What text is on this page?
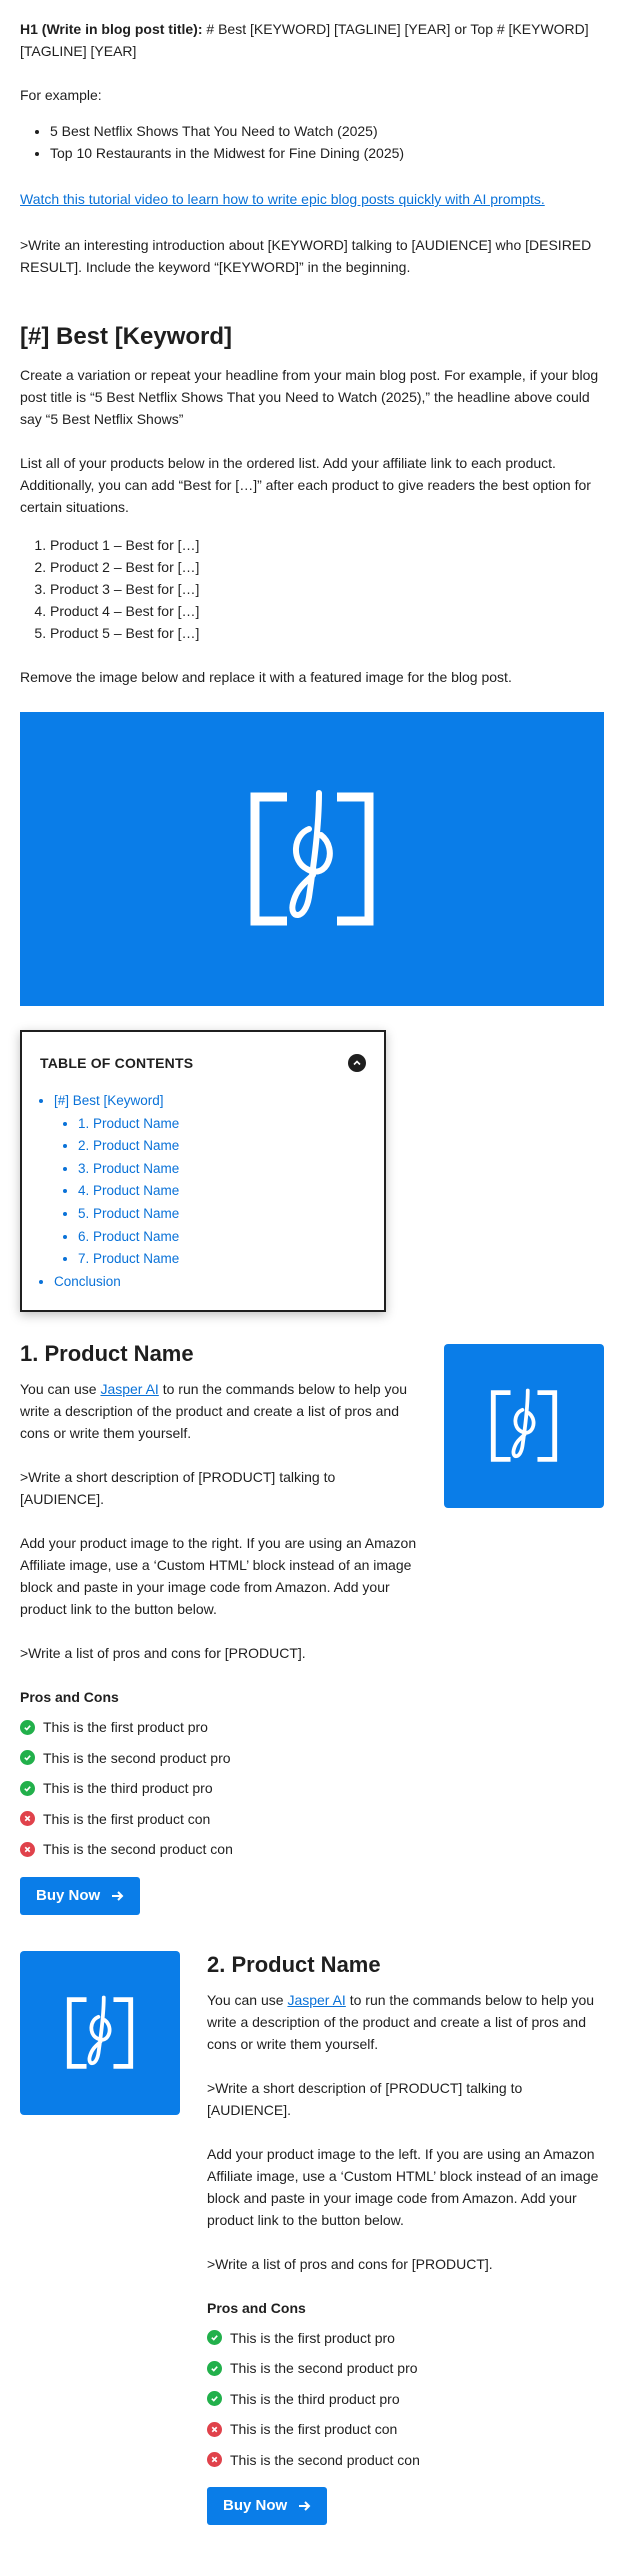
H1 (Write in blog post title): # Best [KEYWORD] [TAGLINE] [YEAR] or Top # [KEYWORD] [TAGLINE] [YEAR]

For example:

• 5 Best Netflix Shows That You Need to Watch (2025)
• Top 10 Restaurants in the Midwest for Fine Dining (2025)

Watch this tutorial video to learn how to write epic blog posts quickly with AI prompts.

>Write an interesting introduction about [KEYWORD] talking to [AUDIENCE] who [DESIRED RESULT]. Include the keyword “[KEYWORD]” in the beginning.

[#] Best [Keyword]

Create a variation or repeat your headline from your main blog post. For example, if your blog post title is “5 Best Netflix Shows That you Need to Watch (2025),” the headline above could say “5 Best Netflix Shows”

List all of your products below in the ordered list. Add your affiliate link to each product. Additionally, you can add “Best for […]” after each product to give readers the best option for certain situations.

1. Product 1 – Best for […]
2. Product 2 – Best for […]
3. Product 3 – Best for […]
4. Product 4 – Best for […]
5. Product 5 – Best for […]

Remove the image below and replace it with a featured image for the blog post.

TABLE OF CONTENTS
• [#] Best [Keyword]
• 1. Product Name
• 2. Product Name
• 3. Product Name
• 4. Product Name
• 5. Product Name
• 6. Product Name
• 7. Product Name
• Conclusion
1. Product Name

You can use Jasper AI to run the commands below to help you write a description of the product and create a list of pros and cons or write them yourself.

>Write a short description of [PRODUCT] talking to [AUDIENCE].

Add your product image to the right. If you are using an Amazon Affiliate image, use a ‘Custom HTML’ block instead of an image block and paste in your image code from Amazon. Add your product link to the button below.

>Write a list of pros and cons for [PRODUCT].

Pros and Cons

This is the first product pro
This is the second product pro
This is the third product pro
This is the first product con
This is the second product con
Buy Now
2. Product Name

You can use Jasper AI to run the commands below to help you write a description of the product and create a list of pros and cons or write them yourself.

>Write a short description of [PRODUCT] talking to [AUDIENCE].

Add your product image to the left. If you are using an Amazon Affiliate image, use a ‘Custom HTML’ block instead of an image block and paste in your image code from Amazon. Add your product link to the button below.

>Write a list of pros and cons for [PRODUCT].

Pros and Cons

This is the first product pro
This is the second product pro
This is the third product pro
This is the first product con
This is the second product con
Buy Now
